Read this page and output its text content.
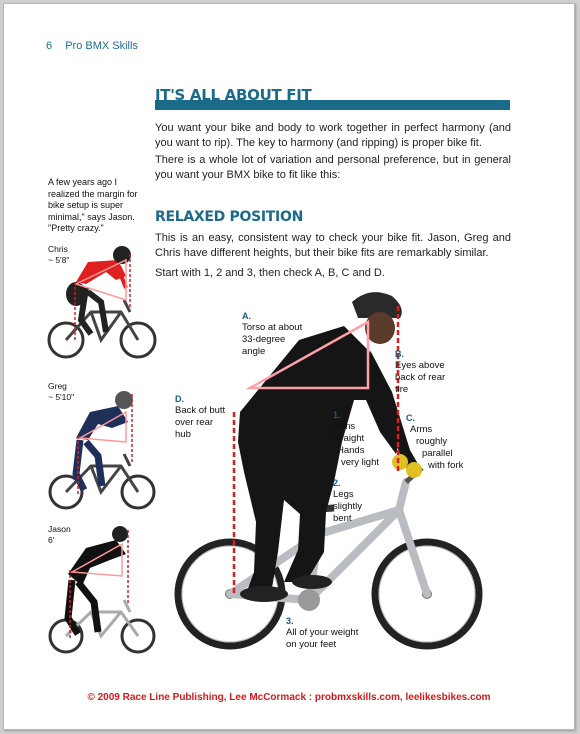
6 Pro BMX Skills
IT'S ALL ABOUT FIT
You want your bike and body to work together in perfect harmony (and you want to rip). The key to harmony (and ripping) is proper bike fit.
There is a whole lot of variation and personal preference, but in general you want your BMX bike to fit like this:
RELAXED POSITION
This is an easy, consistent way to check your bike fit. Jason, Greg and Chris have different heights, but their bike fits are remarkably similar.
Start with 1, 2 and 3, then check A, B, C and D.
A few years ago I realized the margin for bike setup is super minimal," says Jason. "Pretty crazy."
Chris
~ 5'8"
Greg
~ 5'10"
Jason
6'
A.
Torso at about
33-degree
angle	B.
Eyes above
back of rear
tire
C.
Arms
roughly
parallel
with fork
D.
Back of butt
over rear
hub
1.
Arms
straight
Hands
very light
2.
Legs
slightly
bent
3.
All of your weight
on your feet
© 2009 Race Line Publishing, Lee McCormack : probmxskills.com, leelikesbikes.com
